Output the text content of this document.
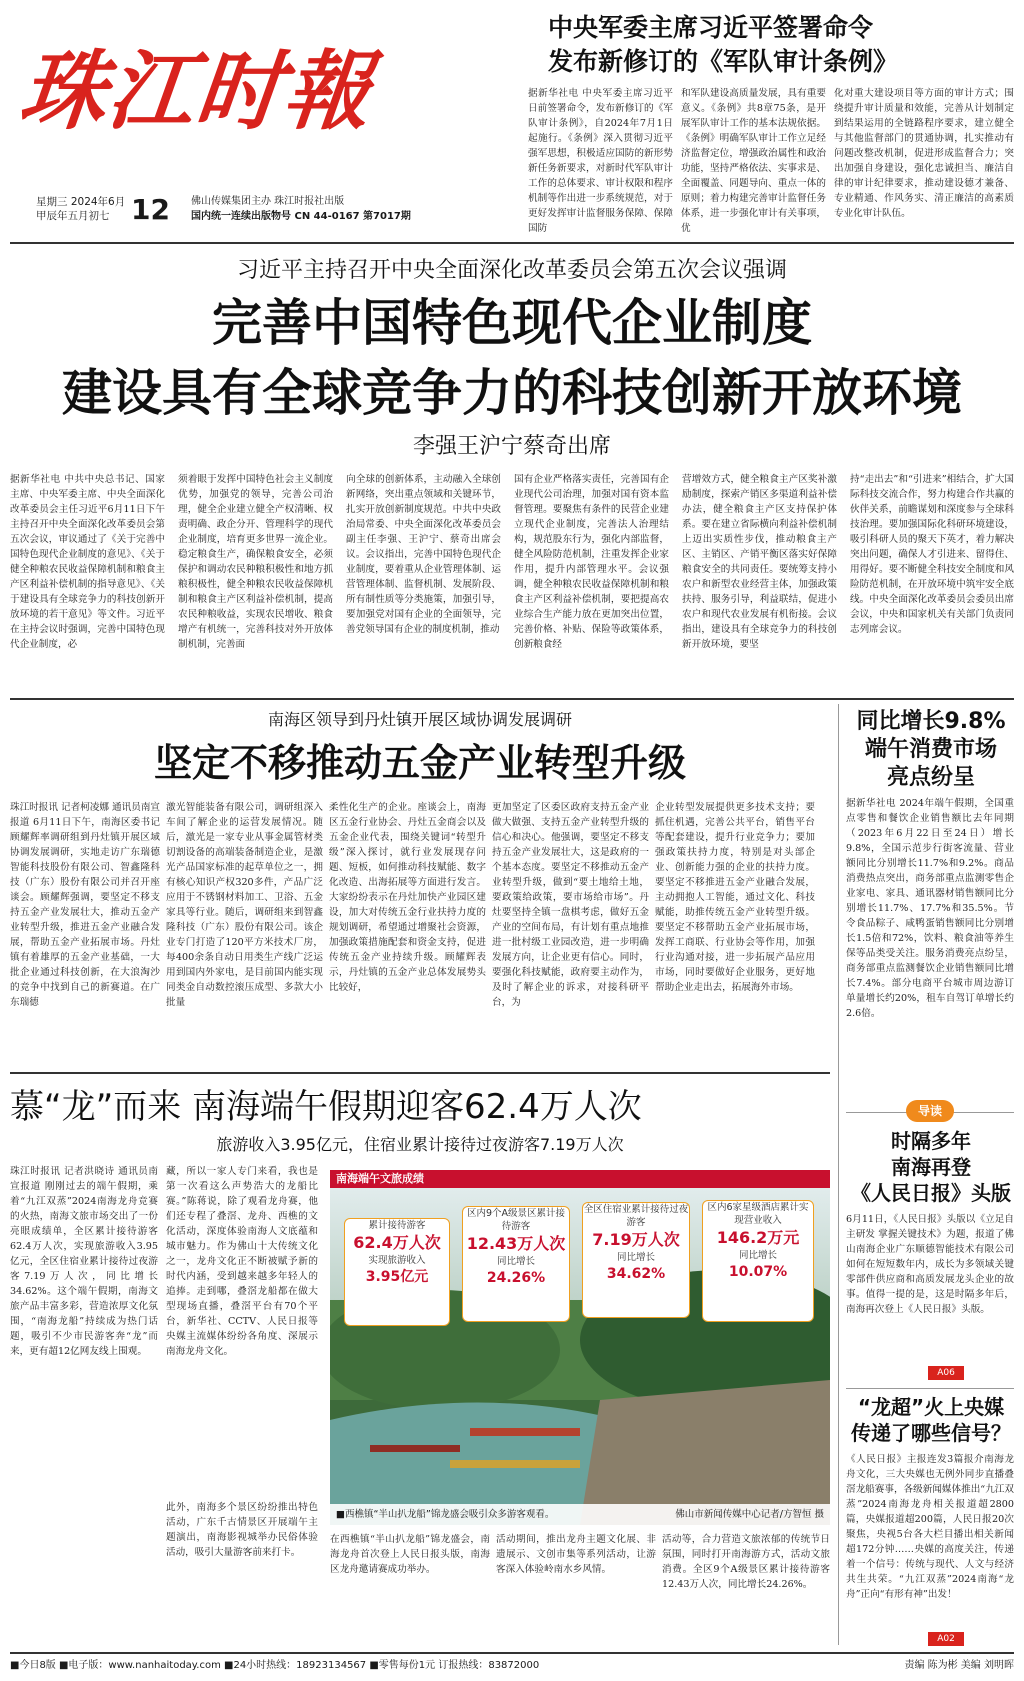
珠江时報
星期三 2024年6月
甲辰年五月初七 12 佛山传媒集团主办 珠江时报社出版
国内统一连续出版物号 CN 44-0167 第7017期
中央军委主席习近平签署命令
发布新修订的《军队审计条例》
据新华社电 中央军委主席习近平日前签署命令，发布新修订的《军队审计条例》，自2024年7月1日起施行。《条例》深入贯彻习近平强军思想，积极适应国防的新形势新任务新要求，对新时代军队审计工作的总体要求、审计权限和程序机制等作出进一步系统规范，对于更好发挥审计监督服务保障、保障国防
和军队建设高质量发展，具有重要意义。《条例》共8章75条，是开展军队审计工作的基本法规依据。《条例》明确军队审计工作立足经济监督定位，增强政治属性和政治功能，坚持严格依法、实事求是、全面覆盖、同题导向、重点一体的原则；着力构建完善审计监督任务体系，进一步强化审计有关事项，优
化对重大建设项目等方面的审计方式；围绕提升审计质量和效能，完善从计划制定到结果运用的全链路程序要求，建立健全与其他监督部门的贯通协调，扎实推动有问题改整改机制，促进形成监督合力；突出加强自身建设，强化忠诚担当、廉洁自律的审计纪律要求，推动建设德才兼备、专业精通、作风务实、清正廉洁的高素质专业化审计队伍。
习近平主持召开中央全面深化改革委员会第五次会议强调
完善中国特色现代企业制度
建设具有全球竞争力的科技创新开放环境
李强王沪宁蔡奇出席
据新华社电 中共中央总书记、国家主席、中央军委主席、中央全面深化改革委员会主任习近平6月11日下午主持召开中央全面深化改革委员会第五次会议，审议通过了《关于完善中国特色现代企业制度的意见》、《关于健全种粮农民收益保障机制和粮食主产区利益补偿机制的指导意见》、《关于建设具有全球竞争力的科技创新开放环境的若干意见》等文件。习近平在主持会议时强调，完善中国特色现代企业制度，必
须着眼于发挥中国特色社会主义制度优势，加强党的领导，完善公司治理，健全企业建立健全产权清晰、权责明确、政企分开、管理科学的现代企业制度，培育更多世界一流企业。稳定粮食生产，确保粮食安全，必须保护和调动农民种粮积极性和地方抓粮积极性，健全种粮农民收益保障机制和粮食主产区利益补偿机制，提高农民种粮收益，实现农民增收、粮食增产有机统一，完善科技对外开放体制机制，完善面
向全球的创新体系，主动融入全球创新网络，突出重点领域和关键环节，扎实开放创新制度规范。中共中央政治局常委、中央全面深化改革委员会副主任李强、王沪宁、蔡奇出席会议。会议指出，完善中国特色现代企业制度，要着重从企业管理体制、运营管理体制、监督机制、发展阶段、所有制性质等分类施策，加强引导，要加强党对国有企业的全面领导，完善党领导国有企业的制度机制，推动
国有企业严格落实责任，完善国有企业现代公司治理，加强对国有资本监督管理。要聚焦有条件的民营企业建立现代企业制度，完善法人治理结构，规范股东行为，强化内部监督，健全风险防范机制，注重发挥企业家作用，提升内部管理水平。会议强调，健全种粮农民收益保障机制和粮食主产区利益补偿机制，要把提高农业综合生产能力放在更加突出位置，完善价格、补贴、保险等政策体系，创新粮食经
营增效方式，健全粮食主产区奖补激励制度，探索产销区多渠道利益补偿办法，健全粮食主产区支持保护体系。要在建立省际横向利益补偿机制上迈出实质性步伐，推动粮食主产区、主销区、产销平衡区落实好保障粮食安全的共同责任。要统筹支持小农户和新型农业经营主体，加强政策扶持、服务引导，利益联结，促进小农户和现代农业发展有机衔接。会议指出，建设具有全球竞争力的科技创新开放环境，要坚
持“走出去”和“引进来”相结合，扩大国际科技交流合作，努力构建合作共赢的伙伴关系，前瞻谋划和深度参与全球科技治理。要加强国际化科研环境建设，吸引科研人员的聚天下英才，着力解决突出问题，确保人才引进来、留得住、用得好。要不断健全科技安全制度和风险防范机制，在开放环境中筑牢安全底线。中央全面深化改革委员会委员出席会议，中央和国家机关有关部门负责同志列席会议。
南海区领导到丹灶镇开展区域协调发展调研
坚定不移推动五金产业转型升级
珠江时报讯 记者柯凌娜 通讯员南宣报道 6月11日下午，南海区委书记顾耀辉率调研组到丹灶镇开展区域协调发展调研，实地走访广东瑞德智能科技股份有限公司、智鑫隆科技（广东）股份有限公司并召开座谈会。顾耀辉强调，要坚定不移支持五金产业发展壮大，推动五金产业转型升级，推进五金产业融合发展，帮助五金产业拓展市场。丹灶镇有着雄厚的五金产业基础，一大批企业通过科技创新，在大浪淘沙的竞争中找到自己的新赛道。在广东瑞德
激光智能装备有限公司，调研组深入车间了解企业的运营发展情况。随后，激光是一家专业从事金属管材类切割设备的高端装备制造企业，是激光产品国家标准的起草单位之一，拥有核心知识产权320多件，产品广泛应用于不锈钢材料加工、卫浴、五金家具等行业。随后，调研组来到智鑫隆科技（广东）股份有限公司。该企业专门打造了120平方米技术厂房，每400余条自动日用类生产线广泛运用到国内外家电，是目前国内能实现同类金自动数控滚压成型、多款大小批量
柔性化生产的企业。座谈会上，南海区五金行业协会、丹灶五金商会以及五金企业代表，围绕关键词“转型升级”深入探讨，就行业发展现存问题、短板，如何推动科技赋能、数字化改造、出海拓展等方面进行发言。大家纷纷表示在丹灶加快产业园区建设，加大对传统五金行业扶持力度的规划调研，希望通过增聚社会资源，加强政策措施配套和资金支持，促进传统五金产业持续升级。顾耀辉表示，丹灶镇的五金产业总体发展势头比较好，
更加坚定了区委区政府支持五金产业做大做强、支持五金产业转型升级的信心和决心。他强调，要坚定不移支持五金产业发展壮大，这是政府的一个基本态度。要坚定不移推动五金产业转型升级，做到“要土地给土地，要政策给政策，要市场给市场”。丹灶要坚持全镇一盘棋考虑，做好五金产业的空间布局，有计划有重点地推进一批村级工业园改造，进一步明确发展方向，让企业更有信心。同时，要强化科技赋能，政府要主动作为，及时了解企业的诉求，对接科研平台，为
企业转型发展提供更多技术支持；要抓住机遇，完善公共平台，销售平台等配套建设，提升行业竞争力；要加强政策扶持力度，特别是对头部企业、创新能力强的企业的扶持力度。要坚定不移推进五金产业融合发展，主动拥抱人工智能，通过文化、科技赋能，助推传统五金产业转型升级。要坚定不移帮助五金产业拓展市场，发挥工商联、行业协会等作用，加强行业沟通对接，进一步拓展产品应用市场，同时要做好企业服务，更好地帮助企业走出去，拓展海外市场。
同比增长9.8%
端午消费市场
亮点纷呈
据新华社电 2024年端午假期，全国重点零售和餐饮企业销售额比去年同期（2023年6月22日至24日）增长9.8%，全国示范步行街客流量、营业额同比分别增长11.7%和9.2%。商品消费热点突出，商务部重点监测零售企业家电、家具、通讯器材销售额同比分别增长11.7%、17.7%和35.5%。节令食品粽子、咸鸭蛋销售额同比分别增长1.5倍和72%，饮料、粮食油等养生保等品类受关注。服务消费亮点纷呈，商务部重点监测餐饮企业销售额同比增长7.4%。部分电商平台城市周边游订单量增长约20%，租车自驾订单增长约2.6倍。
慕“龙”而来 南海端午假期迎客62.4万人次
旅游收入3.95亿元，住宿业累计接待过夜游客7.19万人次
珠江时报讯 记者洪晓诗 通讯员南宣报道 刚刚过去的端午假期，乘着“九江双蒸”2024南海龙舟竞赛的火热，南海文旅市场交出了一份亮眼成绩单，全区累计接待游客62.4万人次，实现旅游收入3.95亿元，全区住宿业累计接待过夜游客7.19万人次，同比增长34.62%。这个端午假期，南海文旅产品丰富多彩，营造浓厚文化氛围，“南海龙船”持续成为热门话题，吸引不少市民游客奔“龙”而来，更有超12亿网友线上围观。
藏，所以一家人专门来看，我也是第一次看这么声势浩大的龙船比赛。”陈蒋说，除了观看龙舟赛，他们还专程了叠滘、龙舟、西樵的文化活动，深度体验南海人文底蕴和城市魅力。作为佛山十大传统文化之一，龙舟文化正不断被赋予新的时代内涵，受到越来越多年轻人的追捧。走到哪，叠滘龙船都在做大型现场直播，叠滘平台有70个平台，新华社、CCTV、人民日报等央媒主流媒体纷纷各角度、深展示南海龙舟文化。
南海端午文旅成绩
累计接待游客
62.4万人次
实现旅游收入
3.95亿元
区内9个A级景区累计接待游客
12.43万人次
同比增长
24.26%
全区住宿业累计接待过夜游客
7.19万人次
同比增长
34.62%
区内6家星级酒店累计实现营业收入
146.2万元
同比增长
10.07%
■西樵镇“半山扒龙船”锦龙盛会吸引众多游客观看。	佛山市新闻传媒中心记者/方智恒 摄
在西樵镇“半山扒龙船”锦龙盛会，南海龙舟首次登上人民日报头版，南海区龙舟邀请赛成功举办。
活动期间，推出龙舟主题文化展、非遗展示、文创市集等系列活动，让游客深入体验岭南水乡风情。
活动等，合力营造文旅浓郁的传统节日氛围，同时打开南海游方式，活动文旅消费。全区9个A级景区累计接待游客12.43万人次，同比增长24.26%。
此外，南海多个景区纷纷推出特色活动，广东千古情景区开展端午主题演出，南海影视城举办民俗体验活动，吸引大量游客前来打卡。
导读
时隔多年
南海再登
《人民日报》头版
6月11日，《人民日报》头版以《立足自主研发 掌握关键技术》为题，报道了佛山南海企业广东顺德智能技术有限公司如何在短短数年内，成长为多领域关键零部件供应商和高质发展龙头企业的故事。值得一提的是，这是时隔多年后，南海再次登上《人民日报》头版。
A06
“龙超”火上央媒
传递了哪些信号？
《人民日报》主报连发3篇报介南海龙舟文化，三大央媒也无例外同步直播叠滘龙船赛事，各级新闻媒体推出“九江双蒸”2024南海龙舟相关报道超2800篇，央媒报道超200篇，人民日报20次聚焦，央视5台各大栏目播出相关新闻超172分钟……央媒的高度关注，传递着一个信号：传统与现代、人文与经济共生共荣。“九江双蒸”2024南海“龙舟”正向“有形有神”出发！
A02
■今日8版 ■电子版：www.nanhaitoday.com ■24小时热线：18923134567 ■零售每份1元 订报热线：83872000	责编 陈为彬 美编 刘明晖
